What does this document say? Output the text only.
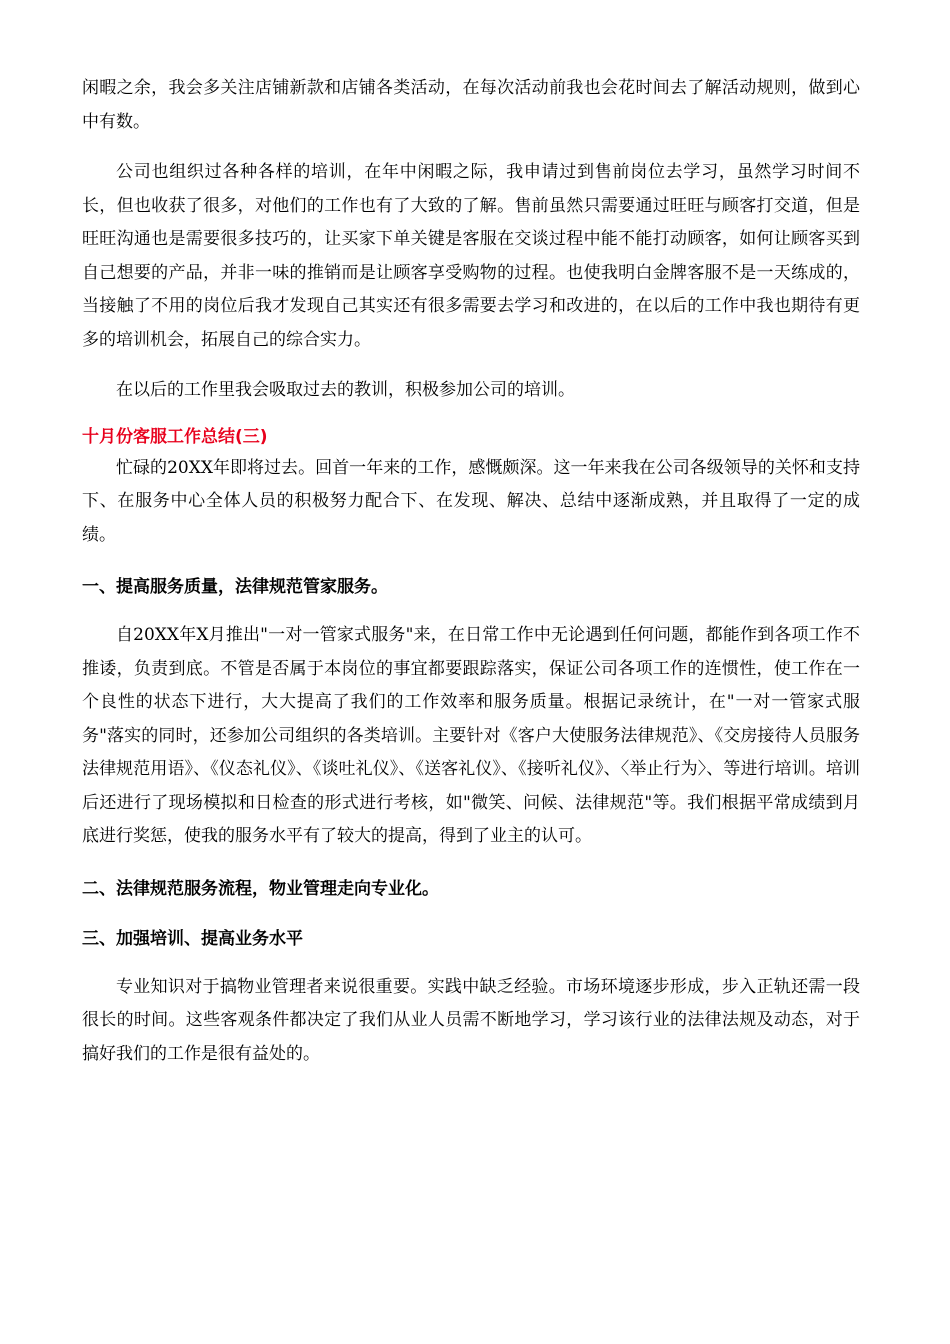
闲暇之余，我会多关注店铺新款和店铺各类活动，在每次活动前我也会花时间去了解活动规则，做到心中有数。

公司也组织过各种各样的培训，在年中闲暇之际，我申请过到售前岗位去学习，虽然学习时间不长，但也收获了很多，对他们的工作也有了大致的了解。售前虽然只需要通过旺旺与顾客打交道，但是旺旺沟通也是需要很多技巧的，让买家下单关键是客服在交谈过程中能不能打动顾客，如何让顾客买到自己想要的产品，并非一味的推销而是让顾客享受购物的过程。也使我明白金牌客服不是一天练成的，当接触了不用的岗位后我才发现自己其实还有很多需要去学习和改进的，在以后的工作中我也期待有更多的培训机会，拓展自己的综合实力。

在以后的工作里我会吸取过去的教训，积极参加公司的培训。

十月份客服工作总结(三)

忙碌的20XX年即将过去。回首一年来的工作，感慨颇深。这一年来我在公司各级领导的关怀和支持下、在服务中心全体人员的积极努力配合下、在发现、解决、总结中逐渐成熟，并且取得了一定的成绩。

一、提高服务质量，法律规范管家服务。

自20XX年X月推出"一对一管家式服务"来，在日常工作中无论遇到任何问题，都能作到各项工作不推诿，负责到底。不管是否属于本岗位的事宜都要跟踪落实，保证公司各项工作的连惯性，使工作在一个良性的状态下进行，大大提高了我们的工作效率和服务质量。根据记录统计，在"一对一管家式服务"落实的同时，还参加公司组织的各类培训。主要针对《客户大使服务法律规范》、《交房接待人员服务法律规范用语》、《仪态礼仪》、《谈吐礼仪》、《送客礼仪》、《接听礼仪》、〈举止行为〉、等进行培训。培训后还进行了现场模拟和日检查的形式进行考核，如"微笑、问候、法律规范"等。我们根据平常成绩到月底进行奖惩，使我的服务水平有了较大的提高，得到了业主的认可。

二、法律规范服务流程，物业管理走向专业化。
三、加强培训、提高业务水平

专业知识对于搞物业管理者来说很重要。实践中缺乏经验。市场环境逐步形成，步入正轨还需一段很长的时间。这些客观条件都决定了我们从业人员需不断地学习，学习该行业的法律法规及动态，对于搞好我们的工作是很有益处的。
